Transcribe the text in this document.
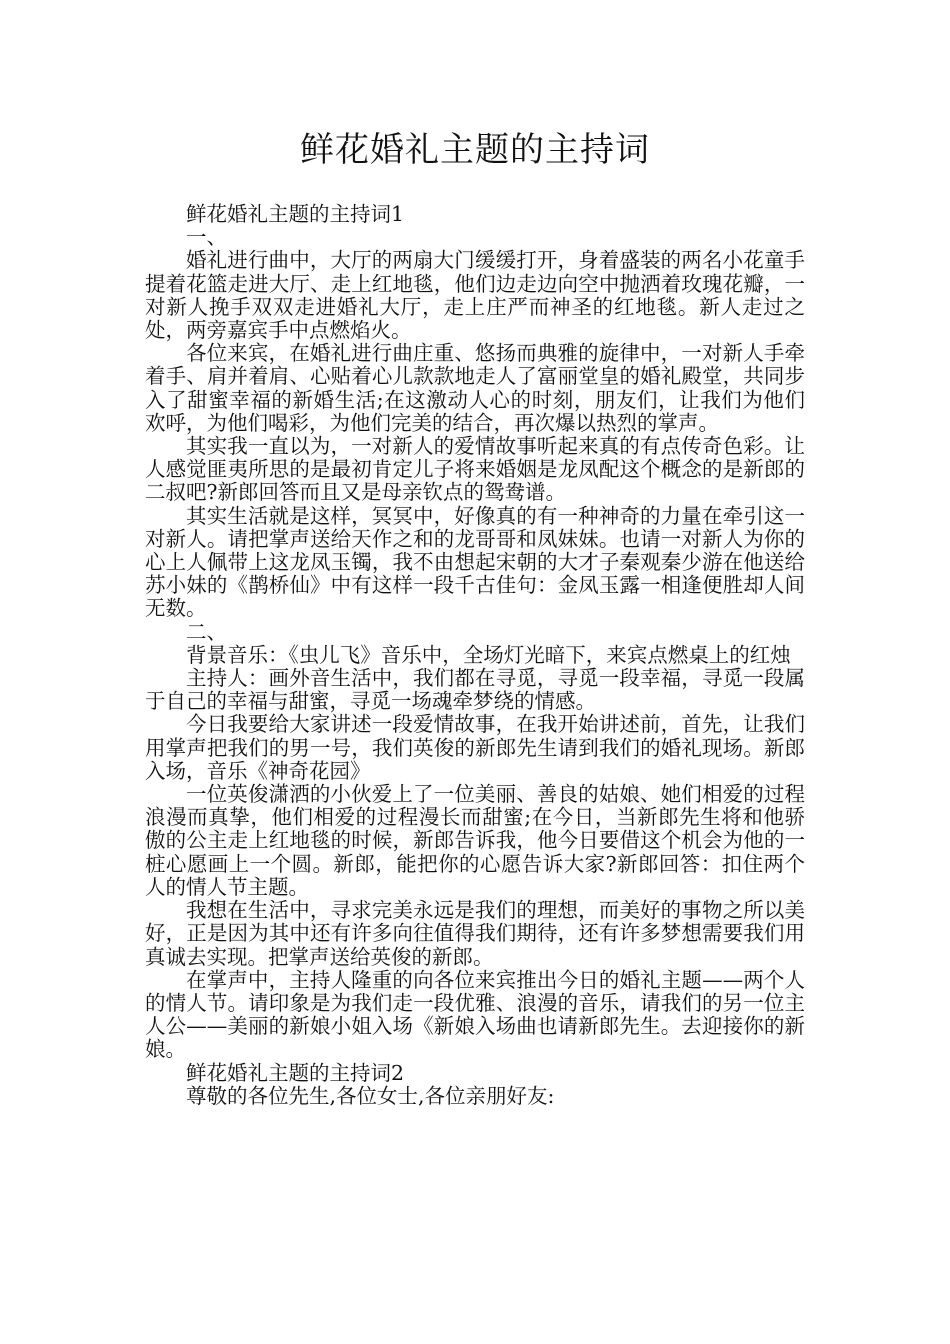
鲜花婚礼主题的主持词

鲜花婚礼主题的主持词1

一、

婚礼进行曲中，大厅的两扇大门缓缓打开，身着盛装的两名小花童手提着花篮走进大厅、走上红地毯，他们边走边向空中抛洒着玫瑰花瓣，一对新人挽手双双走进婚礼大厅，走上庄严而神圣的红地毯。新人走过之处，两旁嘉宾手中点燃焰火。

各位来宾，在婚礼进行曲庄重、悠扬而典雅的旋律中，一对新人手牵着手、肩并着肩、心贴着心儿款款地走人了富丽堂皇的婚礼殿堂，共同步入了甜蜜幸福的新婚生活;在这激动人心的时刻，朋友们，让我们为他们欢呼，为他们喝彩，为他们完美的结合，再次爆以热烈的掌声。

其实我一直以为，一对新人的爱情故事听起来真的有点传奇色彩。让人感觉匪夷所思的是最初肯定儿子将来婚姻是龙凤配这个概念的是新郎的二叔吧?新郎回答而且又是母亲钦点的鸳鸯谱。

其实生活就是这样，冥冥中，好像真的有一种神奇的力量在牵引这一对新人。请把掌声送给天作之和的龙哥哥和凤妹妹。也请一对新人为你的心上人佩带上这龙凤玉镯，我不由想起宋朝的大才子秦观秦少游在他送给苏小妹的《鹊桥仙》中有这样一段千古佳句：金凤玉露一相逢便胜却人间无数。

二、

背景音乐：《虫儿飞》音乐中，全场灯光暗下，来宾点燃桌上的红烛

主持人：画外音生活中，我们都在寻觅，寻觅一段幸福，寻觅一段属于自己的幸福与甜蜜，寻觅一场魂牵梦绕的情感。

今日我要给大家讲述一段爱情故事，在我开始讲述前，首先，让我们用掌声把我们的男一号，我们英俊的新郎先生请到我们的婚礼现场。新郎入场，音乐《神奇花园》

一位英俊潇洒的小伙爱上了一位美丽、善良的姑娘、她们相爱的过程浪漫而真挚，他们相爱的过程漫长而甜蜜;在今日，当新郎先生将和他骄傲的公主走上红地毯的时候，新郎告诉我，他今日要借这个机会为他的一桩心愿画上一个圆。新郎，能把你的心愿告诉大家?新郎回答：扣住两个人的情人节主题。

我想在生活中，寻求完美永远是我们的理想，而美好的事物之所以美好，正是因为其中还有许多向往值得我们期待，还有许多梦想需要我们用真诚去实现。把掌声送给英俊的新郎。

在掌声中，主持人隆重的向各位来宾推出今日的婚礼主题——两个人的情人节。请印象是为我们走一段优雅、浪漫的音乐，请我们的另一位主人公——美丽的新娘小姐入场《新娘入场曲也请新郎先生。去迎接你的新娘。

鲜花婚礼主题的主持词2

尊敬的各位先生,各位女士,各位亲朋好友:
